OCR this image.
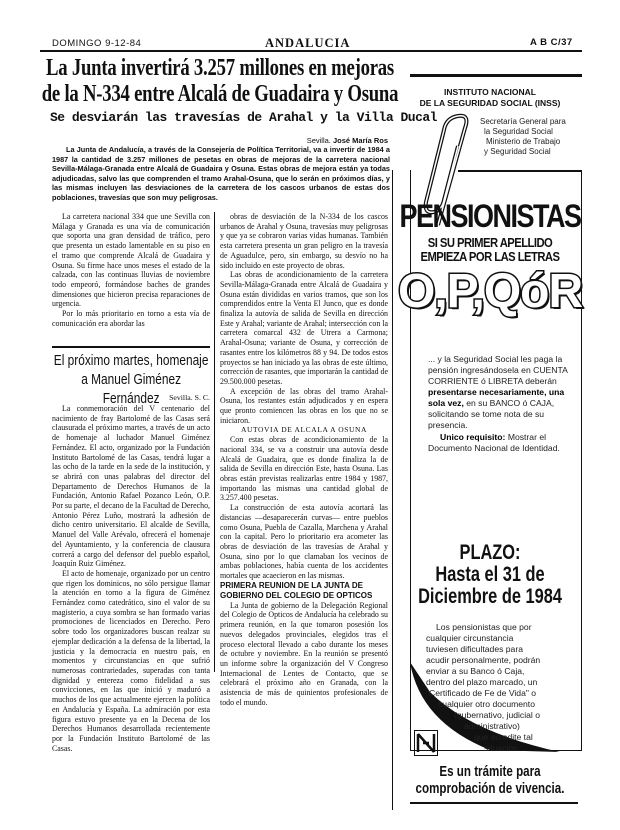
DOMINGO 9-12-84	ANDALUCIA	A B C/37
La Junta invertirá 3.257 millones en mejoras
de la N-334 entre Alcalá de Guadaira y Osuna
Se desviarán las travesías de Arahal y la Villa Ducal
Sevilla. José María Ros
La Junta de Andalucía, a través de la Consejería de Política Territorial, va a invertir de 1984 a 1987 la cantidad de 3.257 millones de pesetas en obras de mejoras de la carretera nacional Sevilla-Málaga-Granada entre Alcalá de Guadaira y Osuna. Estas obras de mejora están ya todas adjudicadas, salvo las que comprenden el tramo Arahal-Osuna, que lo serán en próximos días, y las mismas incluyen las desviaciones de la carretera de los cascos urbanos de estas dos poblaciones, travesías que son muy peligrosas.

La carretera nacional 334 que une Sevilla con Málaga y Granada es una vía de comunicación que soporta una gran densidad de tráfico, pero que presenta un estado lamentable en su piso en el tramo que comprende Alcalá de Guadaira y Osuna. Su firme hace unos meses el estado de la calzada, con las continuas lluvias de noviembre todo empeoró, formándose baches de grandes dimensiones que hicieron precisa reparaciones de urgencia.

Por lo más prioritario en torno a esta vía de comunicación era abordar las

El próximo martes, homenaje
a Manuel Giménez Fernández	Sevilla. S. C.

La conmemoración del V centenario del nacimiento de fray Bartolomé de las Casas será clausurada el próximo martes, a través de un acto de homenaje al luchador Manuel Giménez Fernández. El acto, organizado por la Fundación Instituto Bartolomé de las Casas, tendrá lugar a las ocho de la tarde en la sede de la institución, y se abrirá con unas palabras del director del Departamento de Derechos Humanos de la Fundación, Antonio Rafael Pozanco León, O.P. Por su parte, el decano de la Facultad de Derecho, Antonio Pérez Luño, mostrará la adhesión de dicho centro universitario. El alcalde de Sevilla, Manuel del Valle Arévalo, ofrecerá el homenaje del Ayuntamiento, y la conferencia de clausura correrá a cargo del defensor del pueblo español, Joaquín Ruiz Giménez.

El acto de homenaje, organizado por un centro que rigen los dominicos, no sólo persigue llamar la atención en torno a la figura de Giménez Fernández como catedrático, sino el valor de su magisterio, a cuya sombra se han formado varias promociones de licenciados en Derecho. Pero sobre todo los organizadores buscan realzar su ejemplar dedicación a la defensa de la libertad, la justicia y la democracia en nuestro país, en momentos y circunstancias en que sufrió numerosas contrariedades, superadas con tanta dignidad y entereza como fidelidad a sus convicciones, en las que inició y maduró a muchos de los que actualmente ejercen la política en Andalucía y España. La admiración por esta figura estuvo presente ya en la Decena de los Derechos Humanos desarrollada recientemente por la Fundación Instituto Bartolomé de las Casas.

obras de desviación de la N-334 de los cascos urbanos de Arahal y Osuna, travesías muy peligrosas y que ya se cobraron varias vidas humanas. También esta carretera presenta un gran peligro en la travesía de Aguadulce, pero, sin embargo, su desvío no ha sido incluido en este proyecto de obras.

Las obras de acondicionamiento de la carretera Sevilla-Málaga-Granada entre Alcalá de Guadaira y Osuna están divididas en varios tramos, que son los comprendidos entre la Venta El Junco, que es donde finaliza la autovía de salida de Sevilla en dirección Este y Arahal; variante de Arahal; intersección con la carretera comarcal 432 de Utrera a Carmona; Arahal-Osuna; variante de Osuna, y corrección de rasantes entre los kilómetros 88 y 94. De todos estos proyectos se han iniciado ya las obras de este último, corrección de rasantes, que importarán la cantidad de 29.500.000 pesetas.

A excepción de las obras del tramo Arahal-Osuna, los restantes están adjudicados y en espera que pronto comiencen las obras en los que no se iniciaron.

AUTOVIA DE ALCALA A OSUNA

Con estas obras de acondicionamiento de la nacional 334, se va a construir una autovía desde Alcalá de Guadaira, que es donde finaliza la de salida de Sevilla en dirección Este, hasta Osuna. Las obras están previstas realizarlas entre 1984 y 1987, importando las mismas una cantidad global de 3.257.400 pesetas.

La construcción de esta autovía acortará las distancias —desaparecerán curvas— entre pueblos como Osuna, Puebla de Cazalla, Marchena y Arahal con la capital. Pero lo prioritario era acometer las obras de desviación de las travesías de Arahal y Osuna, sino por lo que clamaban los vecinos de ambas poblaciones, había cuenta de los accidentes mortales que acaecieron en las mismas.

PRIMERA REUNION DE LA JUNTA DE GOBIERNO DEL COLEGIO DE OPTICOS

La Junta de gobierno de la Delegación Regional del Colegio de Opticos de Andalucía ha celebrado su primera reunión, en la que tomaron posesión los nuevos delegados provinciales, elegidos tras el proceso electoral llevado a cabo durante los meses de octubre y noviembre. En la reunión se presentó un informe sobre la organización del V Congreso Internacional de Lentes de Contacto, que se celebrará el próximo año en Granada, con la asistencia de más de quinientos profesionales de todo el mundo.

INSTITUTO NACIONAL
DE LA SEGURIDAD SOCIAL (INSS)
Secretaría General para
la Seguridad Social
Ministerio de Trabajo
y Seguridad Social
PENSIONISTAS
SI SU PRIMER APELLIDO
EMPIEZA POR LAS LETRAS
O,P,QóR
... y la Seguridad Social les paga la pensión ingresándosela en CUENTA CORRIENTE ó LIBRETA deberán presentarse necesariamente, una sola vez, en su BANCO ó CAJA, solicitando se tome nota de su presencia.
Unico requisito: Mostrar el Documento Nacional de Identidad.
PLAZO:
Hasta el 31 de
Diciembre de 1984
Los pensionistas que por
cualquier circunstancia
tuviesen dificultades para
acudir personalmente, podrán
enviar a su Banco ó Caja,
dentro del plazo marcado, un
"Certificado de Fe de Vida" o
cualquier otro documento
(gubernativo, judicial o
administrativo)
que acredite tal
situación.
Es un trámite para
comprobación de vivencia.
